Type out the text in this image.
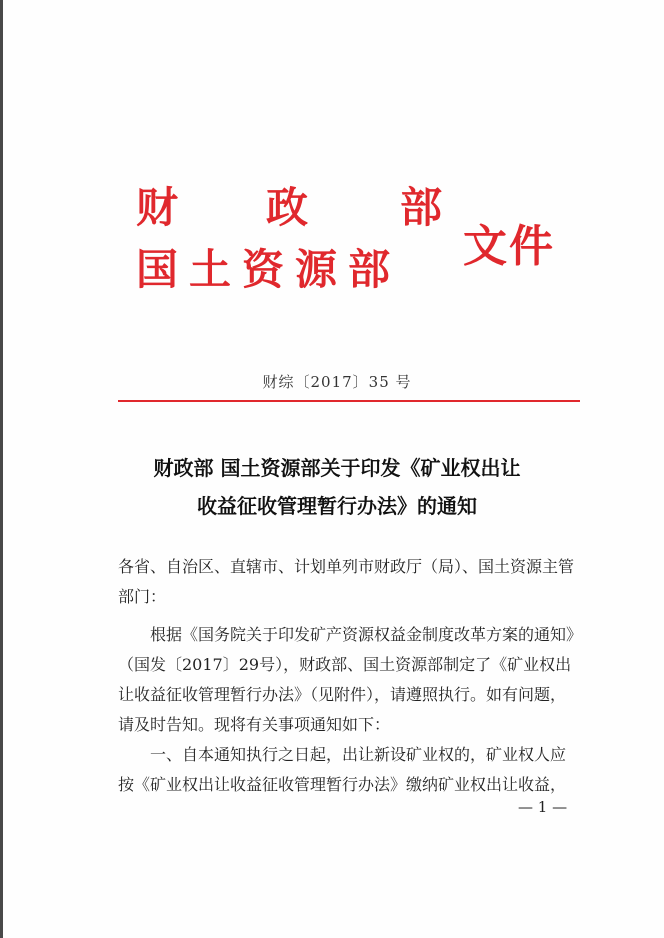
财 政 部
国土资源部 文件
财综〔2017〕35 号
财政部 国土资源部关于印发《矿业权出让
收益征收管理暂行办法》的通知
各省、自治区、直辖市、计划单列市财政厅（局）、国土资源主管部门：
根据《国务院关于印发矿产资源权益金制度改革方案的通知》（国发〔2017〕29号），财政部、国土资源部制定了《矿业权出让收益征收管理暂行办法》（见附件），请遵照执行。如有问题，请及时告知。现将有关事项通知如下：
一、自本通知执行之日起，出让新设矿业权的，矿业权人应按《矿业权出让收益征收管理暂行办法》缴纳矿业权出让收益，
— 1 —
